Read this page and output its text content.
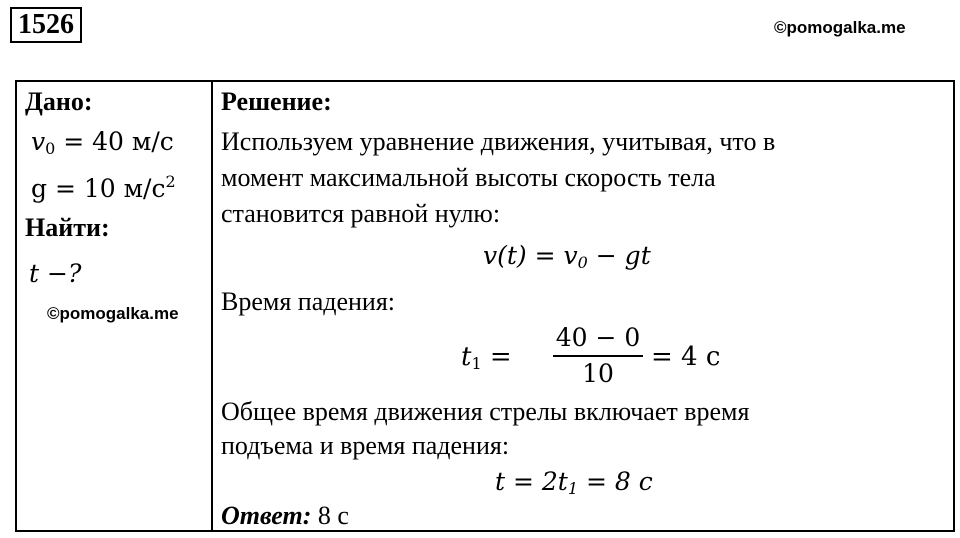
1526	©pomogalka.me
Дано:
$v_0 = 40$ м/с
g = 10 $м/с^2$
Найти:
t −?
©pomogalka.me
Решение:
Используем уравнение движения, учитывая, что в
момент максимальной высоты скорость тела
становится равной нулю:
$v(t) = v_0$ − gt
Время падения:
$t_1$ =
40 − 0
10
= 4 с
Общее время движения стрелы включает время
подъема и время падения:
$t = 2t_1 = 8$ с
Ответ: 8 с
